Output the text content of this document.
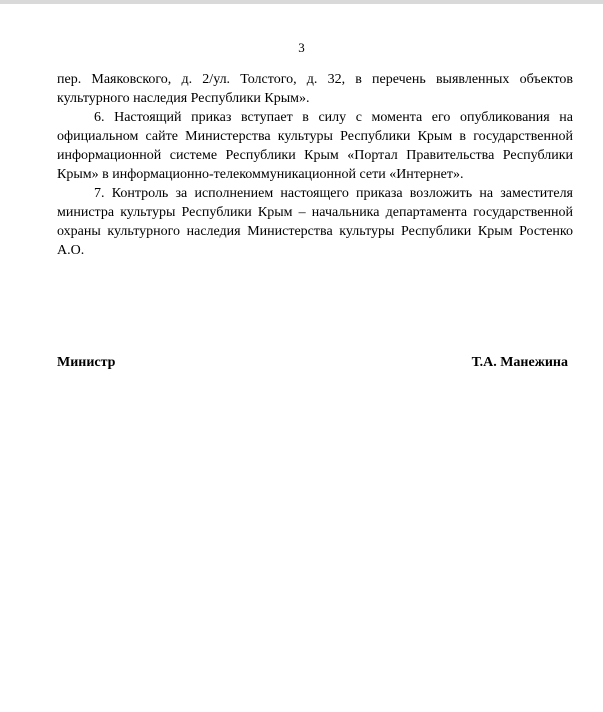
3

пер. Маяковского, д. 2/ул. Толстого, д. 32, в перечень выявленных объектов культурного наследия Республики Крым».

6. Настоящий приказ вступает в силу с момента его опубликования на официальном сайте Министерства культуры Республики Крым в государственной информационной системе Республики Крым «Портал Правительства Республики Крым» в информационно-телекоммуникационной сети «Интернет».

7. Контроль за исполнением настоящего приказа возложить на заместителя министра культуры Республики Крым – начальника департамента государственной охраны культурного наследия Министерства культуры Республики Крым Ростенко А.О.

Министр	Т.А. Манежина
